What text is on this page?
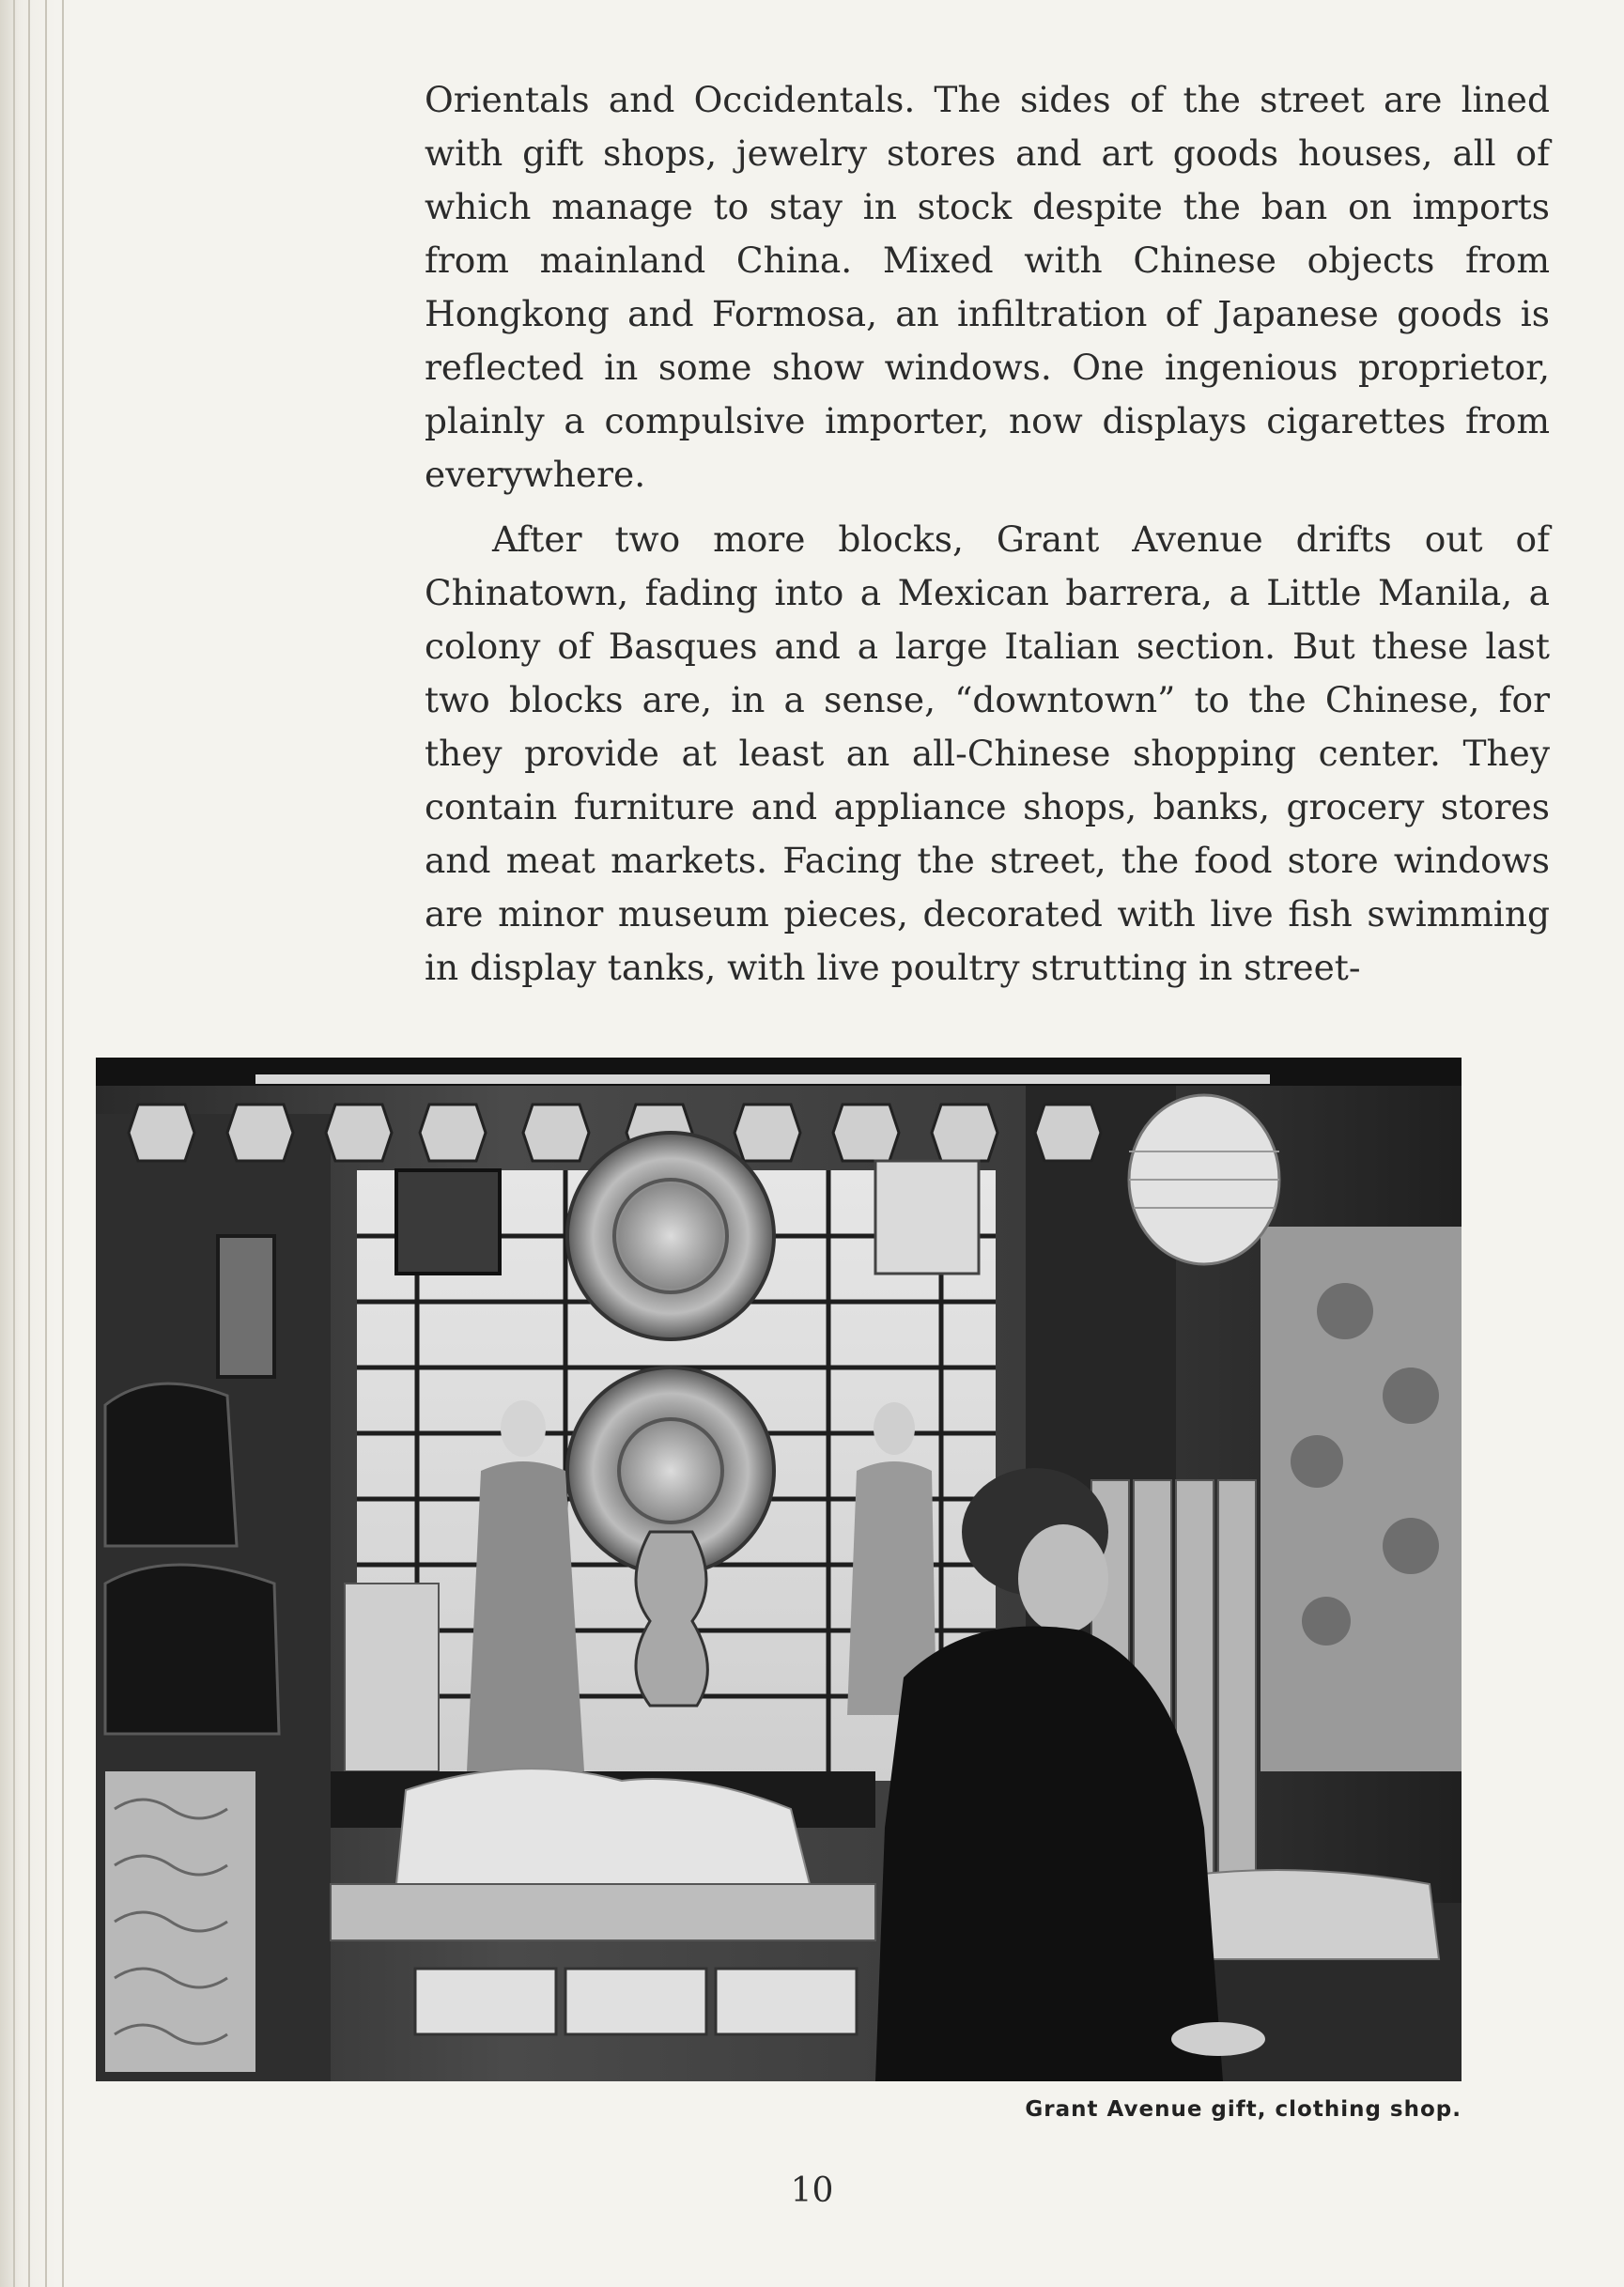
Orientals and Occidentals. The sides of the street are lined with gift shops, jewelry stores and art goods houses, all of which manage to stay in stock despite the ban on imports from mainland China. Mixed with Chinese objects from Hongkong and Formosa, an infiltration of Japanese goods is reflected in some show windows. One ingenious proprietor, plainly a compulsive importer, now displays cigarettes from everywhere.

After two more blocks, Grant Avenue drifts out of Chinatown, fading into a Mexican barrera, a Little Manila, a colony of Basques and a large Italian section. But these last two blocks are, in a sense, “downtown” to the Chinese, for they provide at least an all-Chinese shopping center. They contain furniture and appliance shops, banks, grocery stores and meat markets. Facing the street, the food store windows are minor museum pieces, decorated with live fish swimming in display tanks, with live poultry strutting in street-

Grant Avenue gift, clothing shop.
10
